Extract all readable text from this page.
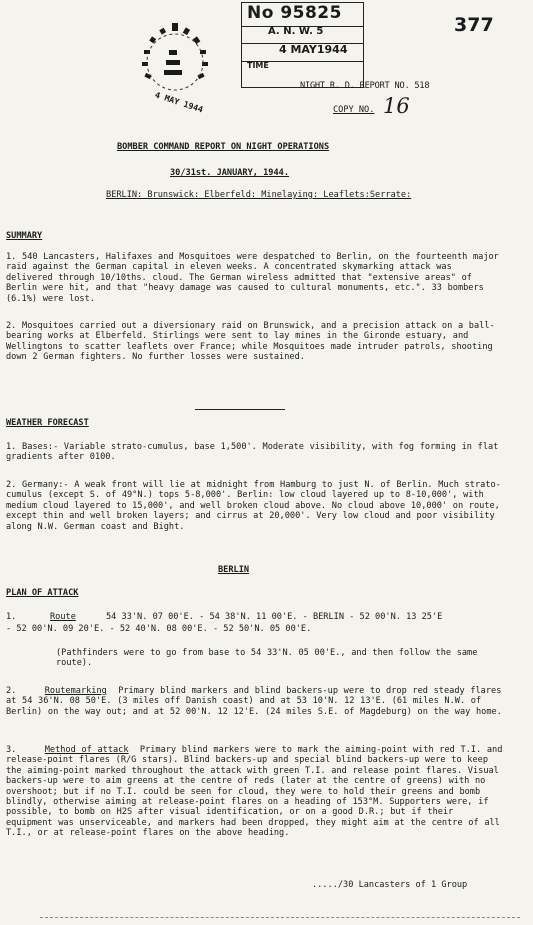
4 MAY 1944
No 95825
A. N. W. 5
4 MAY1944
TIME
377
NIGHT R. D. REPORT NO. 518
COPY NO. 16
BOMBER COMMAND REPORT ON NIGHT OPERATIONS
30/31st. JANUARY, 1944.
BERLIN: Brunswick: Elberfeld: Minelaying: Leaflets:Serrate:
SUMMARY
1. 540 Lancasters, Halifaxes and Mosquitoes were despatched to Berlin, on the fourteenth major raid against the German capital in eleven weeks. A concentrated skymarking attack was delivered through 10/10ths. cloud. The German wireless admitted that "extensive areas" of Berlin were hit, and that "heavy damage was caused to cultural monuments, etc.". 33 bombers (6.1%) were lost.
2. Mosquitoes carried out a diversionary raid on Brunswick, and a precision attack on a ball-bearing works at Elberfeld. Stirlings were sent to lay mines in the Gironde estuary, and Wellingtons to scatter leaflets over France; while Mosquitoes made intruder patrols, shooting down 2 German fighters. No further losses were sustained.
WEATHER FORECAST
1. Bases:- Variable strato-cumulus, base 1,500'. Moderate visibility, with fog forming in flat gradients after 0100.
2. Germany:- A weak front will lie at midnight from Hamburg to just N. of Berlin. Much strato-cumulus (except S. of 49°N.) tops 5-8,000'. Berlin: low cloud layered up to 8-10,000', with medium cloud layered to 15,000', and well broken cloud above. No cloud above 10,000' on route, except thin and well broken layers; and cirrus at 20,000'. Very low cloud and poor visibility along N.W. German coast and Bight.
BERLIN
PLAN OF ATTACK
1.	Route	54 33'N. 07 00'E. - 54 38'N. 11 00'E. - BERLIN - 52 00'N. 13 25'E
- 52 00'N. 09 20'E. - 52 40'N. 08 00'E. - 52 50'N. 05 00'E.
(Pathfinders were to go from base to 54 33'N. 05 00'E., and then follow the same route).
2.	Routemarking Primary blind markers and blind backers-up were to drop red steady flares at 54 36'N. 08 50'E. (3 miles off Danish coast) and at 53 10'N. 12 13'E. (61 miles N.W. of Berlin) on the way out; and at 52 00'N. 12 12'E. (24 miles S.E. of Magdeburg) on the way home.
3.	Method of attack Primary blind markers were to mark the aiming-point with red T.I. and release-point flares (R/G stars). Blind backers-up and special blind backers-up were to keep the aiming-point marked throughout the attack with green T.I. and release point flares. Visual backers-up were to aim greens at the centre of reds (later at the centre of greens) with no overshoot; but if no T.I. could be seen for cloud, they were to hold their greens and bomb blindly, otherwise aiming at release-point flares on a heading of 153°M. Supporters were, if possible, to bomb on H2S after visual identification, or on a good D.R.; but if their equipment was unserviceable, and markers had been dropped, they might aim at the centre of all T.I., or at release-point flares on the above heading.
...../30 Lancasters of 1 Group
